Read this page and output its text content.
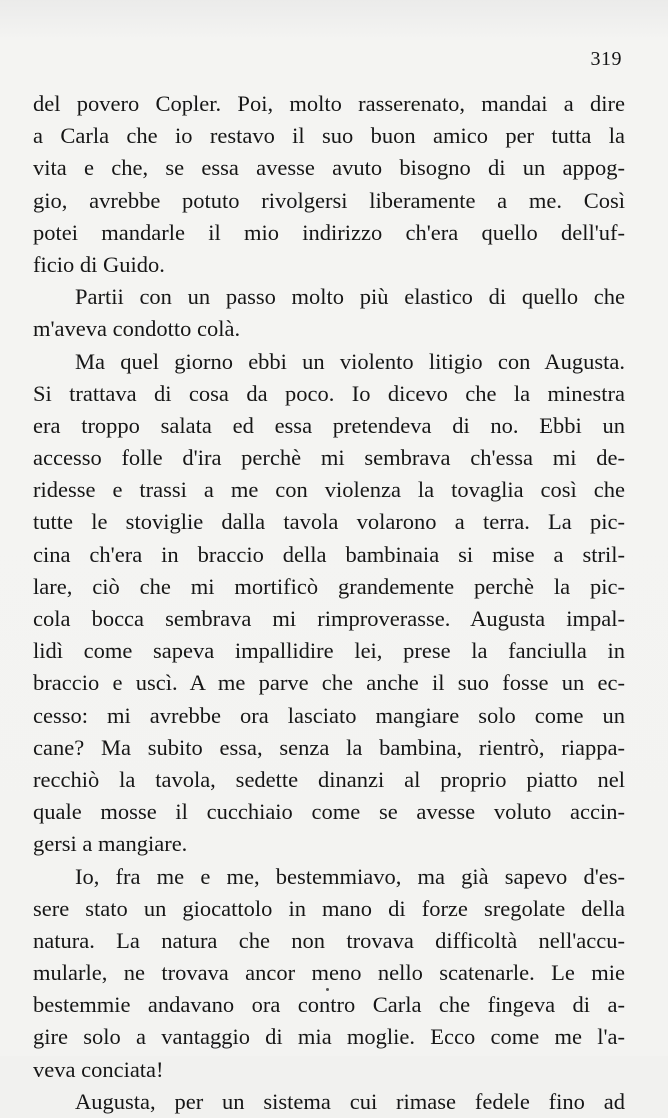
319
del povero Copler. Poi, molto rasserenato, mandai a dire
a Carla che io restavo il suo buon amico per tutta la
vita e che, se essa avesse avuto bisogno di un appog-
gio, avrebbe potuto rivolgersi liberamente a me. Così
potei mandarle il mio indirizzo ch'era quello dell'uf-
ficio di Guido.
Partii con un passo molto più elastico di quello che
m'aveva condotto colà.
Ma quel giorno ebbi un violento litigio con Augusta.
Si trattava di cosa da poco. Io dicevo che la minestra
era troppo salata ed essa pretendeva di no. Ebbi un
accesso folle d'ira perchè mi sembrava ch'essa mi de-
ridesse e trassi a me con violenza la tovaglia così che
tutte le stoviglie dalla tavola volarono a terra. La pic-
cina ch'era in braccio della bambinaia si mise a stril-
lare, ciò che mi mortificò grandemente perchè la pic-
cola bocca sembrava mi rimproverasse. Augusta impal-
lidì come sapeva impallidire lei, prese la fanciulla in
braccio e uscì. A me parve che anche il suo fosse un ec-
cesso: mi avrebbe ora lasciato mangiare solo come un
cane? Ma subito essa, senza la bambina, rientrò, riappa-
recchiò la tavola, sedette dinanzi al proprio piatto nel
quale mosse il cucchiaio come se avesse voluto accin-
gersi a mangiare.
Io, fra me e me, bestemmiavo, ma già sapevo d'es-
sere stato un giocattolo in mano di forze sregolate della
natura. La natura che non trovava difficoltà nell'accu-
mularle, ne trovava ancor meno nello scatenarle. Le mie
bestemmie andavano ora contro Carla che fingeva di a-
gire solo a vantaggio di mia moglie. Ecco come me l'a-
veva conciata!
Augusta, per un sistema cui rimase fedele fino ad
